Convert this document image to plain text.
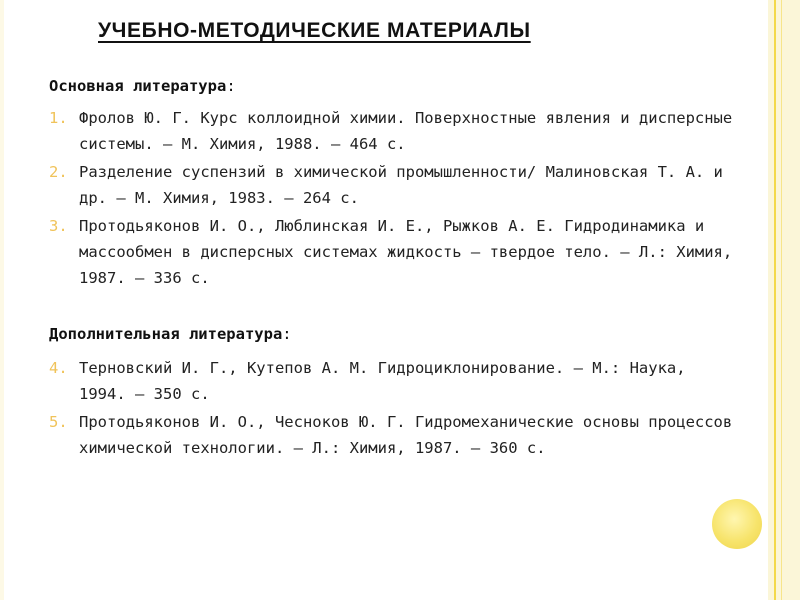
УЧЕБНО-МЕТОДИЧЕСКИЕ МАТЕРИАЛЫ
Основная литература:
1. Фролов Ю. Г. Курс коллоидной химии. Поверхностные явления и дисперсные системы. – М. Химия, 1988. – 464 с.
2. Разделение суспензий в химической промышленности/ Малиновская Т. А. и др. – М. Химия, 1983. – 264 с.
3. Протодьяконов И. О., Люблинская И. Е., Рыжков А. Е. Гидродинамика и массообмен в дисперсных системах жидкость – твердое тело. – Л.: Химия, 1987. – 336 с.
Дополнительная литература:
4. Терновский И. Г., Кутепов А. М. Гидроциклонирование. – М.: Наука, 1994. – 350 с.
5. Протодьяконов И. О., Чесноков Ю. Г. Гидромеханические основы процессов химической технологии. – Л.: Химия, 1987. – 360 с.
